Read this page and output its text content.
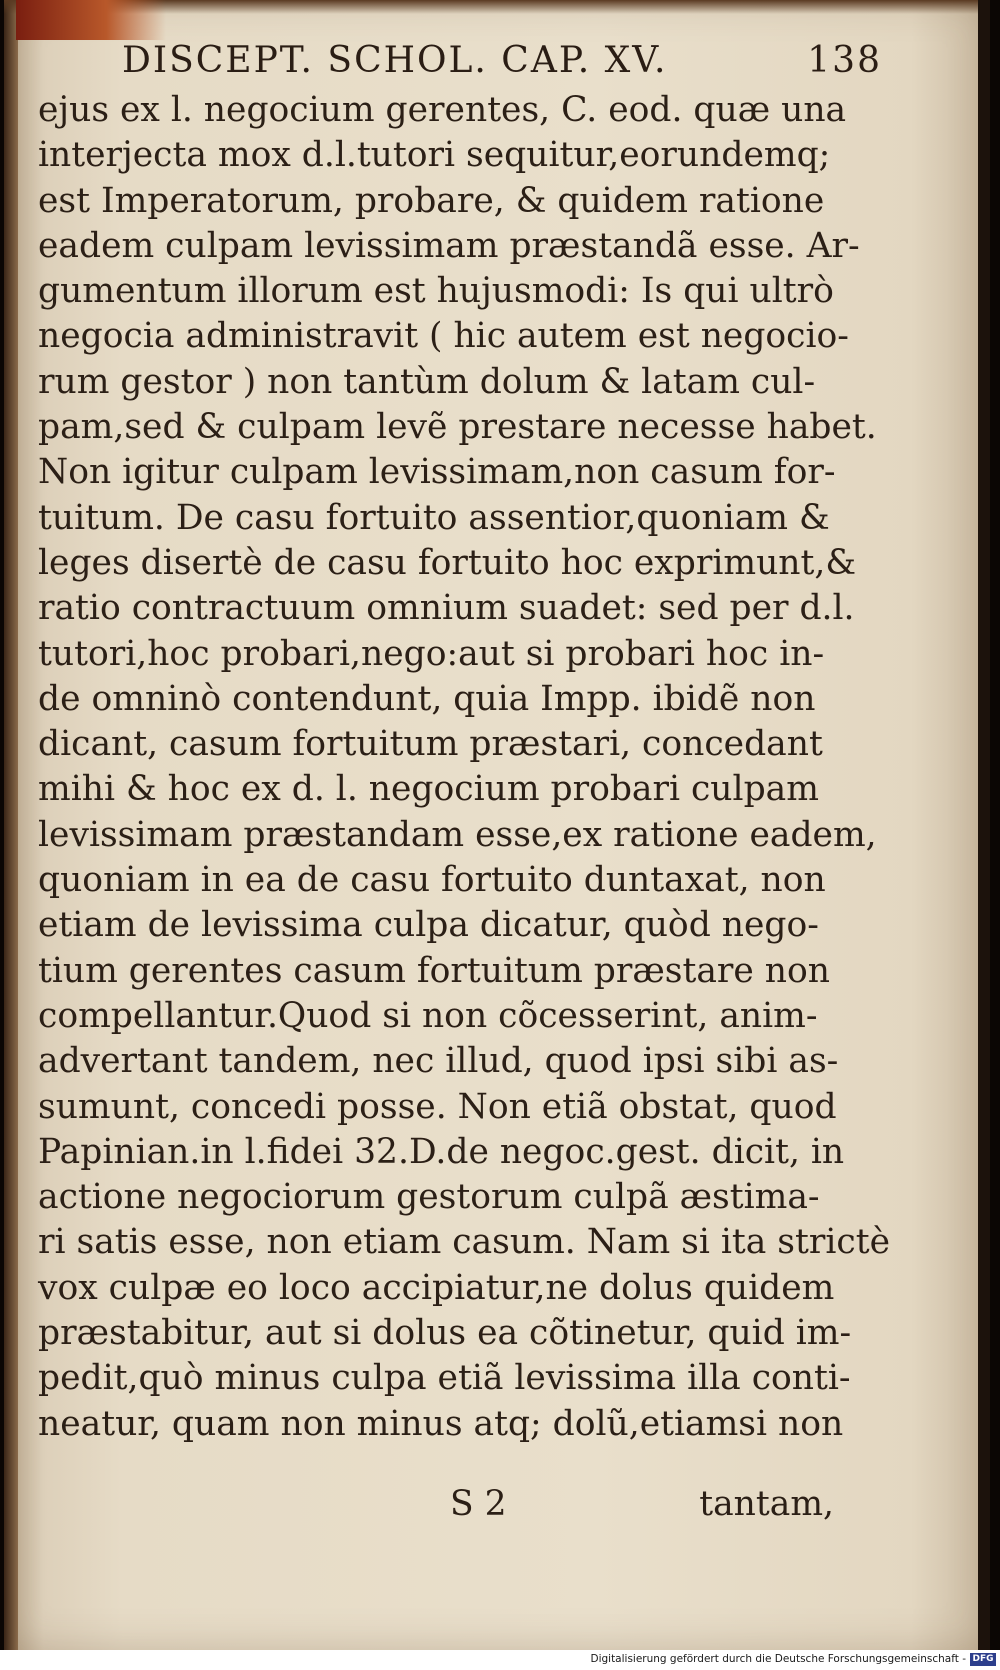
DISCEPT. SCHOL. CAP. XV.	138
ejus ex l. negocium gerentes, C. eod. quæ una
interjecta mox d.l.tutori sequitur,eorundemq;
est Imperatorum, probare, & quidem ratione
eadem culpam levissimam præstandã esse. Ar-
gumentum illorum est hujusmodi: Is qui ultrò
negocia administravit ( hic autem est negocio-
rum gestor ) non tantùm dolum & latam cul-
pam,sed & culpam levẽ prestare necesse habet.
Non igitur culpam levissimam,non casum for-
tuitum. De casu fortuito assentior,quoniam &
leges disertè de casu fortuito hoc exprimunt,&
ratio contractuum omnium suadet: sed per d.l.
tutori,hoc probari,nego:aut si probari hoc in-
de omninò contendunt, quia Impp. ibidẽ non
dicant, casum fortuitum præstari, concedant
mihi & hoc ex d. l. negocium probari culpam
levissimam præstandam esse,ex ratione eadem,
quoniam in ea de casu fortuito duntaxat, non
etiam de levissima culpa dicatur, quòd nego-
tium gerentes casum fortuitum præstare non
compellantur.Quod si non cõcesserint, anim-
advertant tandem, nec illud, quod ipsi sibi as-
sumunt, concedi posse. Non etiã obstat, quod
Papinian.in l.fidei 32.D.de negoc.gest. dicit, in
actione negociorum gestorum culpã æstima-
ri satis esse, non etiam casum. Nam si ita strictè
vox culpæ eo loco accipiatur,ne dolus quidem
præstabitur, aut si dolus ea cõtinetur, quid im-
pedit,quò minus culpa etiã levissima illa conti-
neatur, quam non minus atq; dolũ,etiamsi non
S 2	tantam,
Digitalisierung gefördert durch die Deutsche Forschungsgemeinschaft - DFG
